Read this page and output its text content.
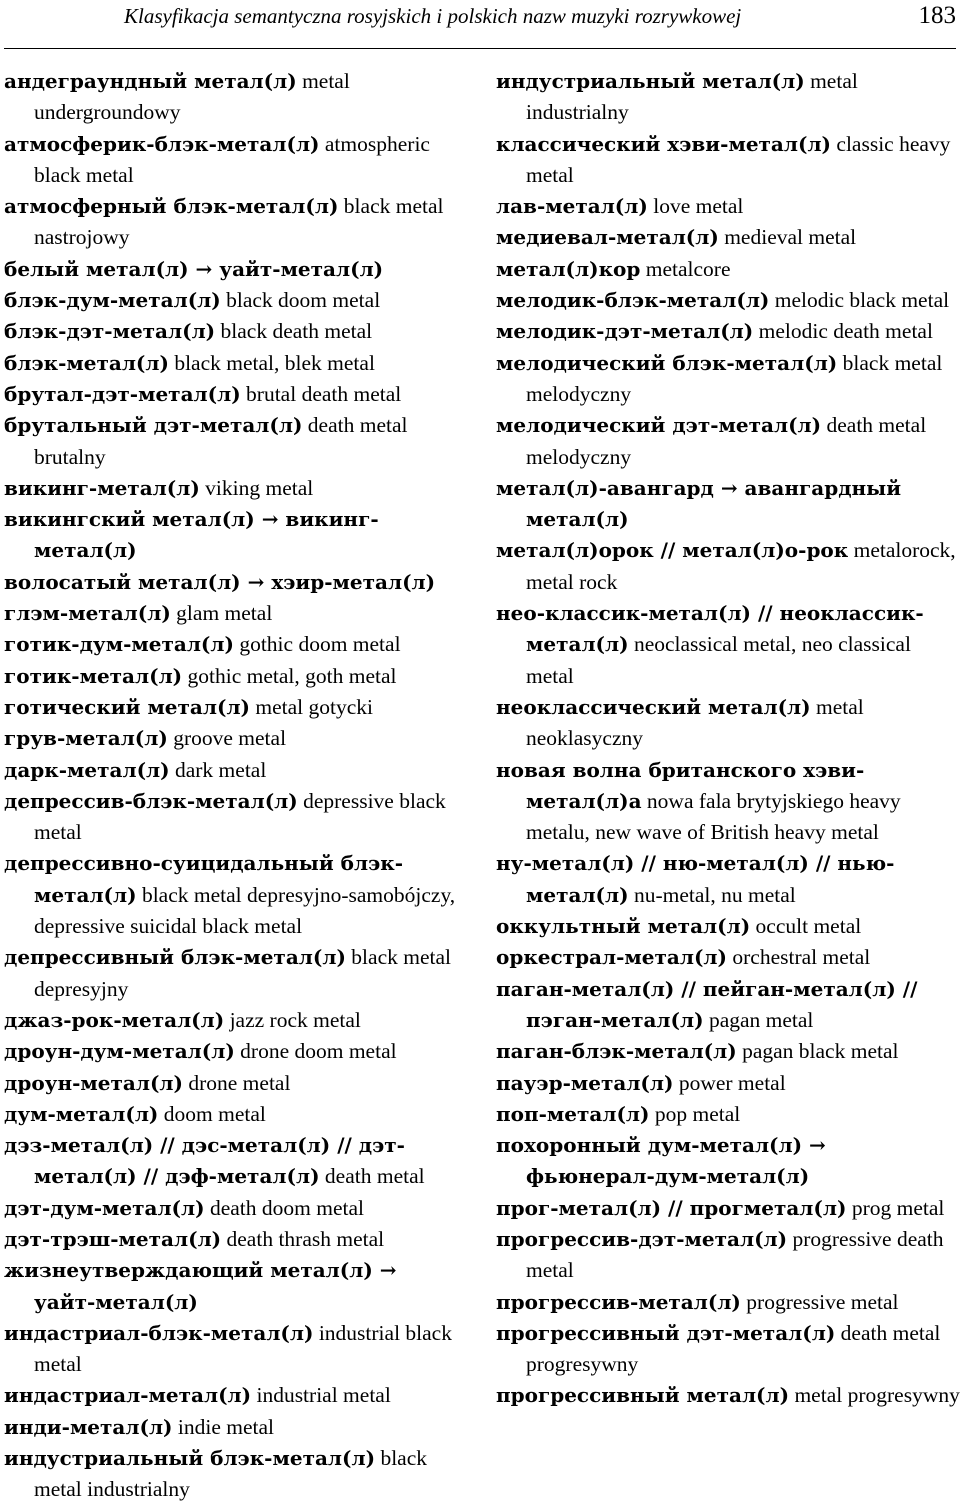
Klasyfikacja semantyczna rosyjskich i polskich nazw muzyki rozrywkowej	183
андеграундный метал(л) metal undergroundowy
атмосферик-блэк-метал(л) atmospheric black metal
атмосферный блэк-метал(л) black metal nastrojowy
белый метал(л) → уайт-метал(л)
блэк-дум-метал(л) black doom metal
блэк-дэт-метал(л) black death metal
блэк-метал(л) black metal, blek metal
брутал-дэт-метал(л) brutal death metal
брутальный дэт-метал(л) death metal brutalny
викинг-метал(л) viking metal
викингский метал(л) → викинг-метал(л)
волосатый метал(л) → хэир-метал(л)
глэм-метал(л) glam metal
готик-дум-метал(л) gothic doom metal
готик-метал(л) gothic metal, goth metal
готический метал(л) metal gotycki
грув-метал(л) groove metal
дарк-метал(л) dark metal
депрессив-блэк-метал(л) depressive black metal
депрессивно-суицидальный блэк-метал(л) black metal depresyjno-samobójczy, depressive suicidal black metal
депрессивный блэк-метал(л) black metal depresyjny
джаз-рок-метал(л) jazz rock metal
дроун-дум-метал(л) drone doom metal
дроун-метал(л) drone metal
дум-метал(л) doom metal
дэз-метал(л) // дэс-метал(л) // дэт-метал(л) // дэф-метал(л) death metal
дэт-дум-метал(л) death doom metal
дэт-трэш-метал(л) death thrash metal
жизнеутверждающий метал(л) → уайт-метал(л)
индастриал-блэк-метал(л) industrial black metal
индастриал-метал(л) industrial metal
инди-метал(л) indie metal
индустриальный блэк-метал(л) black metal industrialny
индустриальный метал(л) metal industrialny
классический хэви-метал(л) classic heavy metal
лав-метал(л) love metal
медиевал-метал(л) medieval metal
метал(л)кор metalcore
мелодик-блэк-метал(л) melodic black metal
мелодик-дэт-метал(л) melodic death metal
мелодический блэк-метал(л) black metal melodyczny
мелодический дэт-метал(л) death metal melodyczny
метал(л)-авангард → авангардный метал(л)
метал(л)орок // метал(л)о-рок metalorock, metal rock
нео-классик-метал(л) // неоклассик-метал(л) neoclassical metal, neo classical metal
неоклассический метал(л) metal neoklasyczny
новая волна британского хэви-метал(л)а nowa fala brytyjskiego heavy metalu, new wave of British heavy metal
ну-метал(л) // ню-метал(л) // нью-метал(л) nu-metal, nu metal
оккультный метал(л) occult metal
оркестрал-метал(л) orchestral metal
паган-метал(л) // пейган-метал(л) // пэган-метал(л) pagan metal
паган-блэк-метал(л) pagan black metal
пауэр-метал(л) power metal
поп-метал(л) pop metal
похоронный дум-метал(л) → фьюнерал-дум-метал(л)
прог-метал(л) // прогметал(л) prog metal
прогрессив-дэт-метал(л) progressive death metal
прогрессив-метал(л) progressive metal
прогрессивный дэт-метал(л) death metal progresywny
прогрессивный метал(л) metal progresywny
